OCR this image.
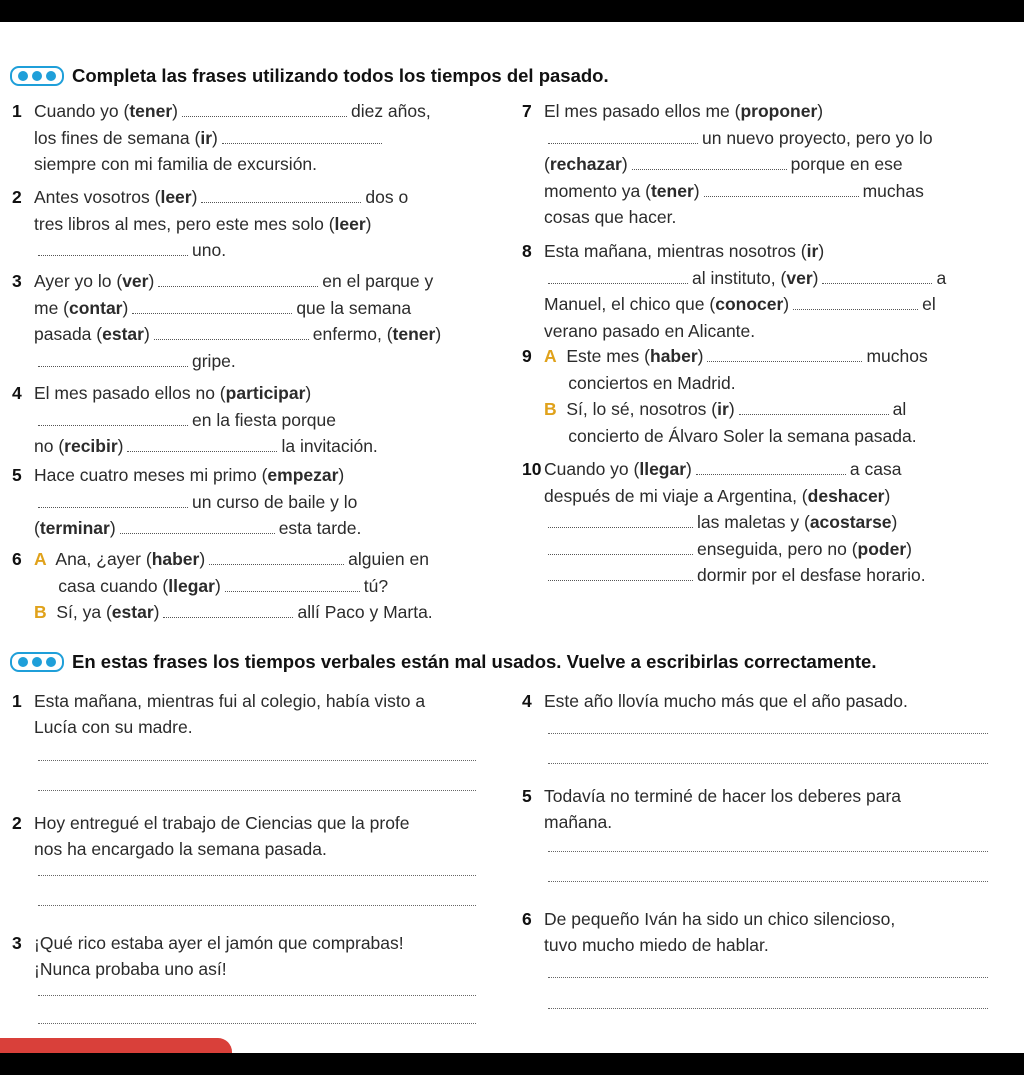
Completa las frases utilizando todos los tiempos del pasado.
1 Cuando yo (tener)	diez años,
los fines de semana (ir)
siempre con mi familia de excursión.
2 Antes vosotros (leer)	dos o
tres libros al mes, pero este mes solo (leer)
uno.
3 Ayer yo lo (ver)	en el parque y
me (contar)	que la semana
pasada (estar)	enfermo, (tener)
gripe.
4 El mes pasado ellos no (participar)
en la fiesta porque
no (recibir)	la invitación.
5 Hace cuatro meses mi primo (empezar)
un curso de baile y lo
(terminar)	esta tarde.
6 A  Ana, ¿ayer (haber)	alguien en
casa cuando (llegar)	tú?
B  Sí, ya (estar)	allí Paco y Marta.
7 El mes pasado ellos me (proponer)
un nuevo proyecto, pero yo lo
(rechazar)	porque en ese
momento ya (tener)	muchas
cosas que hacer.
8 Esta mañana, mientras nosotros (ir)
al instituto, (ver)	a
Manuel, el chico que (conocer)	el
verano pasado en Alicante.
9 A  Este mes (haber)	muchos
conciertos en Madrid.
B  Sí, lo sé, nosotros (ir)	al
concierto de Álvaro Soler la semana pasada.
10 Cuando yo (llegar)	a casa
después de mi viaje a Argentina, (deshacer)
las maletas y (acostarse)
enseguida, pero no (poder)
dormir por el desfase horario.
En estas frases los tiempos verbales están mal usados. Vuelve a escribirlas correctamente.
1 Esta mañana, mientras fui al colegio, había visto a
Lucía con su madre.
2 Hoy entregué el trabajo de Ciencias que la profe
nos ha encargado la semana pasada.
3 ¡Qué rico estaba ayer el jamón que comprabas!
¡Nunca probaba uno así!
4 Este año llovía mucho más que el año pasado.
5 Todavía no terminé de hacer los deberes para
mañana.
6 De pequeño Iván ha sido un chico silencioso,
tuvo mucho miedo de hablar.
